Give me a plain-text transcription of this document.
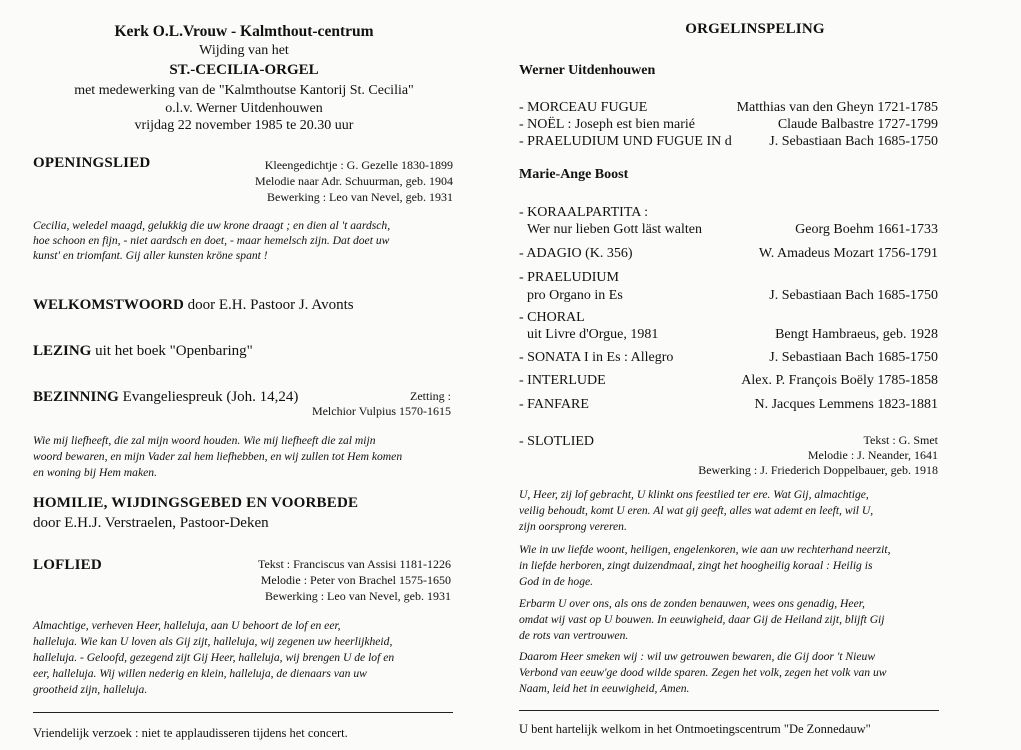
Kerk O.L.Vrouw - Kalmthout-centrum
Wijding van het
ST.-CECILIA-ORGEL
met medewerking van de "Kalmthoutse Kantorij St. Cecilia"
o.l.v. Werner Uitdenhouwen
vrijdag 22 november 1985 te 20.30 uur
OPENINGSLIED	Kleengedichtje : G. Gezelle 1830-1899
Melodie naar Adr. Schuurman, geb. 1904
Bewerking : Leo van Nevel, geb. 1931
Cecilia, weledel maagd, gelukkig die uw krone draagt ; en dien al 't aardsch,
hoe schoon en fijn, - niet aardsch en doet, - maar hemelsch zijn. Dat doet uw
kunst' en triomfant. Gij aller kunsten kröne spant !
WELKOMSTWOORD door E.H. Pastoor J. Avonts
LEZING uit het boek "Openbaring"
BEZINNING Evangeliespreuk (Joh. 14,24)	Zetting :
Melchior Vulpius 1570-1615
Wie mij liefheeft, die zal mijn woord houden. Wie mij liefheeft die zal mijn
woord bewaren, en mijn Vader zal hem liefhebben, en wij zullen tot Hem komen
en woning bij Hem maken.
HOMILIE, WIJDINGSGEBED EN VOORBEDE
door E.H.J. Verstraelen, Pastoor-Deken
LOFLIED	Tekst : Franciscus van Assisi 1181-1226
Melodie : Peter von Brachel 1575-1650
Bewerking : Leo van Nevel, geb. 1931
Almachtige, verheven Heer, halleluja, aan U behoort de lof en eer,
halleluja. Wie kan U loven als Gij zijt, halleluja, wij zegenen uw heerlijkheid,
halleluja. - Geloofd, gezegend zijt Gij Heer, halleluja, wij brengen U de lof en
eer, halleluja. Wij willen nederig en klein, halleluja, de dienaars van uw
grootheid zijn, halleluja.
Vriendelijk verzoek : niet te applaudisseren tijdens het concert.
ORGELINSPELING
Werner Uitdenhouwen
- MORCEAU FUGUE	Matthias van den Gheyn 1721-1785
- NOËL : Joseph est bien marié	Claude Balbastre 1727-1799
- PRAELUDIUM UND FUGUE IN d	J. Sebastiaan Bach 1685-1750
Marie-Ange Boost
- KORAALPARTITA :
Wer nur lieben Gott läst walten	Georg Boehm 1661-1733
- ADAGIO (K. 356)	W. Amadeus Mozart 1756-1791
- PRAELUDIUM
pro Organo in Es	J. Sebastiaan Bach 1685-1750
- CHORAL
uit Livre d'Orgue, 1981	Bengt Hambraeus, geb. 1928
- SONATA I in Es : Allegro	J. Sebastiaan Bach 1685-1750
- INTERLUDE	Alex. P. François Boëly 1785-1858
- FANFARE	N. Jacques Lemmens 1823-1881
- SLOTLIED	Tekst : G. Smet
Melodie : J. Neander, 1641
Bewerking : J. Friederich Doppelbauer, geb. 1918
U, Heer, zij lof gebracht, U klinkt ons feestlied ter ere. Wat Gij, almachtige,
veilig behoudt, komt U eren. Al wat gij geeft, alles wat ademt en leeft, wil U,
zijn oorsprong vereren.
Wie in uw liefde woont, heiligen, engelenkoren, wie aan uw rechterhand neerzit,
in liefde herboren, zingt duizendmaal, zingt het hoogheilig koraal : Heilig is
God in de hoge.
Erbarm U over ons, als ons de zonden benauwen, wees ons genadig, Heer,
omdat wij vast op U bouwen. In eeuwigheid, daar Gij de Heiland zijt, blijft Gij
de rots van vertrouwen.
Daarom Heer smeken wij : wil uw getrouwen bewaren, die Gij door 't Nieuw
Verbond van eeuw'ge dood wilde sparen. Zegen het volk, zegen het volk van uw
Naam, leid het in eeuwigheid, Amen.
U bent hartelijk welkom in het Ontmoetingscentrum "De Zonnedauw"
